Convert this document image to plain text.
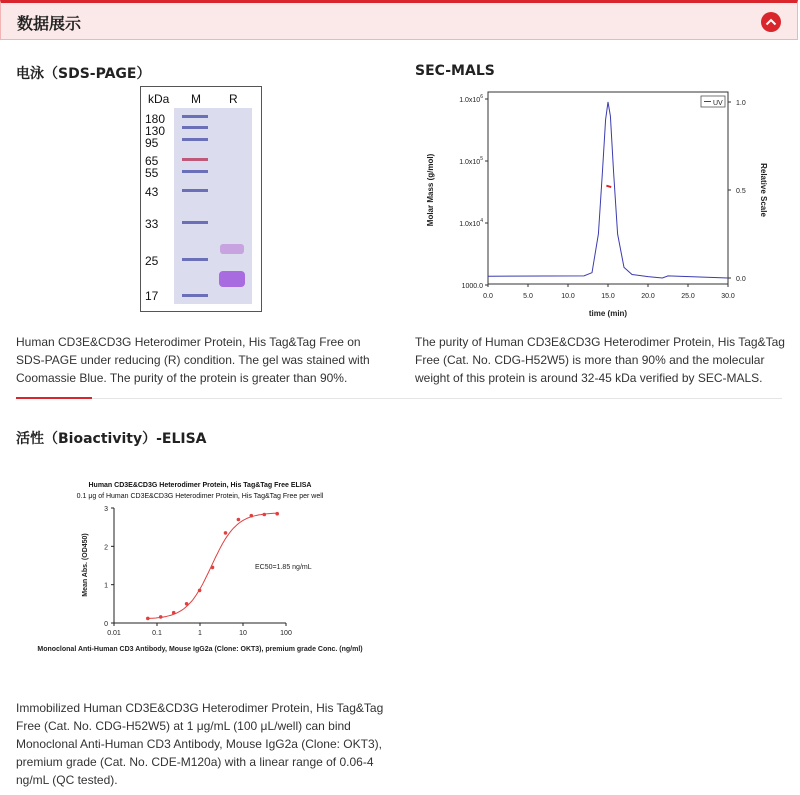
数据展示
电泳（SDS-PAGE）
kDa M R
180
130
95
65
55
43
33
25
17
Human CD3E&CD3G Heterodimer Protein, His Tag&Tag Free on SDS-PAGE under reducing (R) condition. The gel was stained with Coomassie Blue. The purity of the protein is greater than 90%.
SEC-MALS
0.0	5.0	10.0	15.0	20.0	25.0	30.0
1000.0
$1.0x10^4$
$1.0x10^5$
$1.0x10^6$
0.0
0.5
1.0
UV
time (min)
Molar Mass (g/mol)	Relative Scale
The purity of Human CD3E&CD3G Heterodimer Protein, His Tag&Tag Free (Cat. No. CDG-H52W5) is more than 90% and the molecular weight of this protein is around 32-45 kDa verified by SEC-MALS.
活性（Bioactivity）-ELISA
Human CD3E&CD3G Heterodimer Protein, His Tag&Tag Free ELISA
0.1 μg of Human CD3E&CD3G Heterodimer Protein, His Tag&Tag Free per well
0.01	0.1	1	10	100
0
1
2
3
EC50=1.85 ng/mL
Mean Abs. (OD450)
Monoclonal Anti-Human CD3 Antibody, Mouse IgG2a (Clone: OKT3), premium grade Conc. (ng/ml)
Immobilized Human CD3E&CD3G Heterodimer Protein, His Tag&Tag Free (Cat. No. CDG-H52W5) at 1 μg/mL (100 μL/well) can bind Monoclonal Anti-Human CD3 Antibody, Mouse IgG2a (Clone: OKT3), premium grade (Cat. No. CDE-M120a) with a linear range of 0.06-4 ng/mL (QC tested).
